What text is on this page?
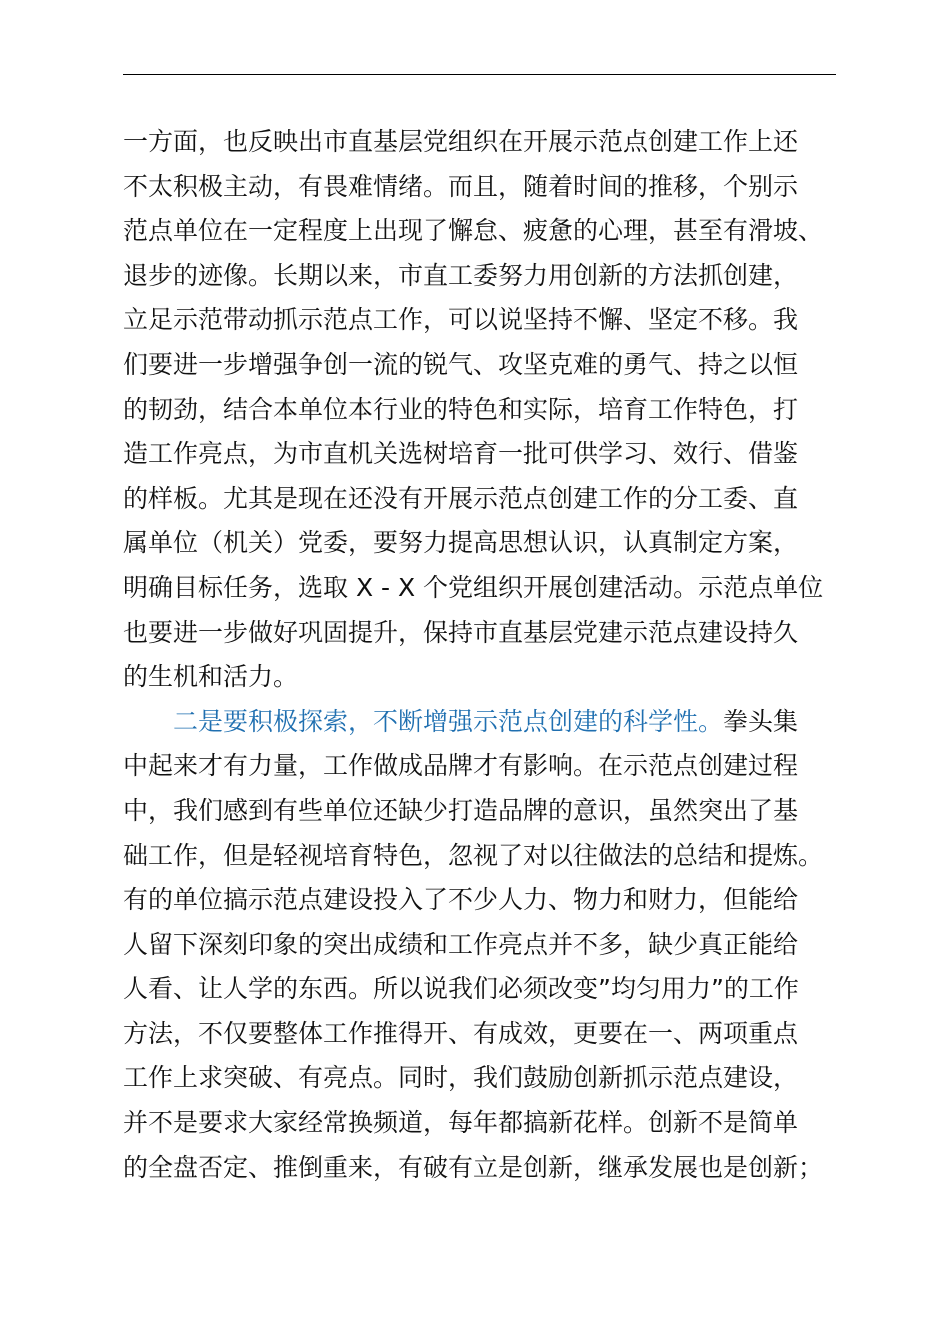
一方面，也反映出市直基层党组织在开展示范点创建工作上还
不太积极主动，有畏难情绪。而且，随着时间的推移，个别示
范点单位在一定程度上出现了懈怠、疲惫的心理，甚至有滑坡、
退步的迹像。长期以来，市直工委努力用创新的方法抓创建，
立足示范带动抓示范点工作，可以说坚持不懈、坚定不移。我
们要进一步增强争创一流的锐气、攻坚克难的勇气、持之以恒
的韧劲，结合本单位本行业的特色和实际，培育工作特色，打
造工作亮点，为市直机关选树培育一批可供学习、效行、借鉴
的样板。尤其是现在还没有开展示范点创建工作的分工委、直
属单位（机关）党委，要努力提高思想认识，认真制定方案，
明确目标任务，选取 X - X 个党组织开展创建活动。示范点单位
也要进一步做好巩固提升，保持市直基层党建示范点建设持久
的生机和活力。
二是要积极探索，不断增强示范点创建的科学性。拳头集
中起来才有力量，工作做成品牌才有影响。在示范点创建过程
中，我们感到有些单位还缺少打造品牌的意识，虽然突出了基
础工作，但是轻视培育特色，忽视了对以往做法的总结和提炼。
有的单位搞示范点建设投入了不少人力、物力和财力，但能给
人留下深刻印象的突出成绩和工作亮点并不多，缺少真正能给
人看、让人学的东西。所以说我们必须改变”均匀用力”的工作
方法，不仅要整体工作推得开、有成效，更要在一、两项重点
工作上求突破、有亮点。同时，我们鼓励创新抓示范点建设，
并不是要求大家经常换频道，每年都搞新花样。创新不是简单
的全盘否定、推倒重来，有破有立是创新，继承发展也是创新；
